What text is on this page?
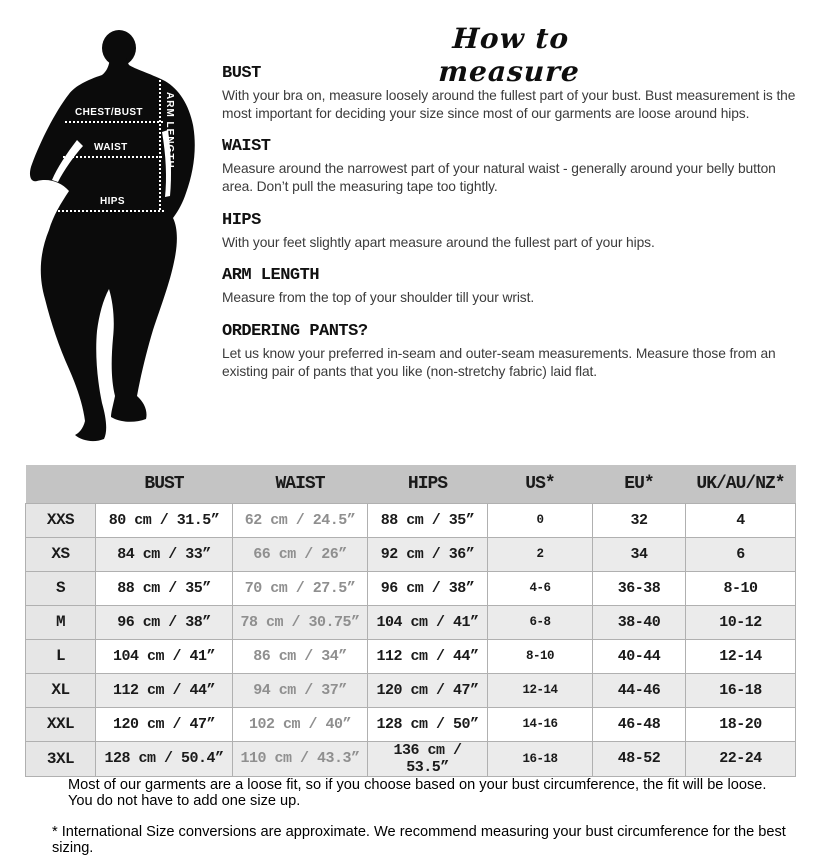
How to measure
CHEST/BUST
WAIST
HIPS
ARM LENGTH
BUST

With your bra on, measure loosely around the fullest part of your bust. Bust measurement is the most important for deciding your size since most of our garments are loose around hips.

WAIST

Measure around the narrowest part of your natural waist - generally around your belly button area. Don’t pull the measuring tape too tightly.

HIPS

With your feet slightly apart measure around the fullest part of your hips.

ARM LENGTH

Measure from the top of your shoulder till your wrist.

ORDERING PANTS?

Let us know your preferred in-seam and outer-seam measurements. Measure those from an existing pair of pants that you like (non-stretchy fabric) laid flat.

	BUST	WAIST	HIPS	US*	EU*	UK/AU/NZ*
XXS	80 cm / 31.5”	62 cm / 24.5”	88 cm / 35”	0	32	4
XS	84 cm / 33”	66 cm / 26”	92 cm / 36”	2	34	6
S	88 cm / 35”	70 cm / 27.5”	96 cm / 38”	4-6	36-38	8-10
M	96 cm / 38”	78 cm / 30.75”	104 cm / 41”	6-8	38-40	10-12
L	104 cm / 41”	86 cm / 34”	112 cm / 44”	8-10	40-44	12-14
XL	112 cm / 44”	94 cm / 37”	120 cm / 47”	12-14	44-46	16-18
XXL	120 cm / 47”	102 cm / 40”	128 cm / 50”	14-16	46-48	18-20
3XL	128 cm / 50.4”	110 cm / 43.3”	136 cm / 53.5”	16-18	48-52	22-24
Most of our garments are a loose fit, so if you choose based on your bust circumference, the fit will be loose.
You do not have to add one size up.
* International Size conversions are approximate. We recommend measuring your bust circumference for the best sizing.
